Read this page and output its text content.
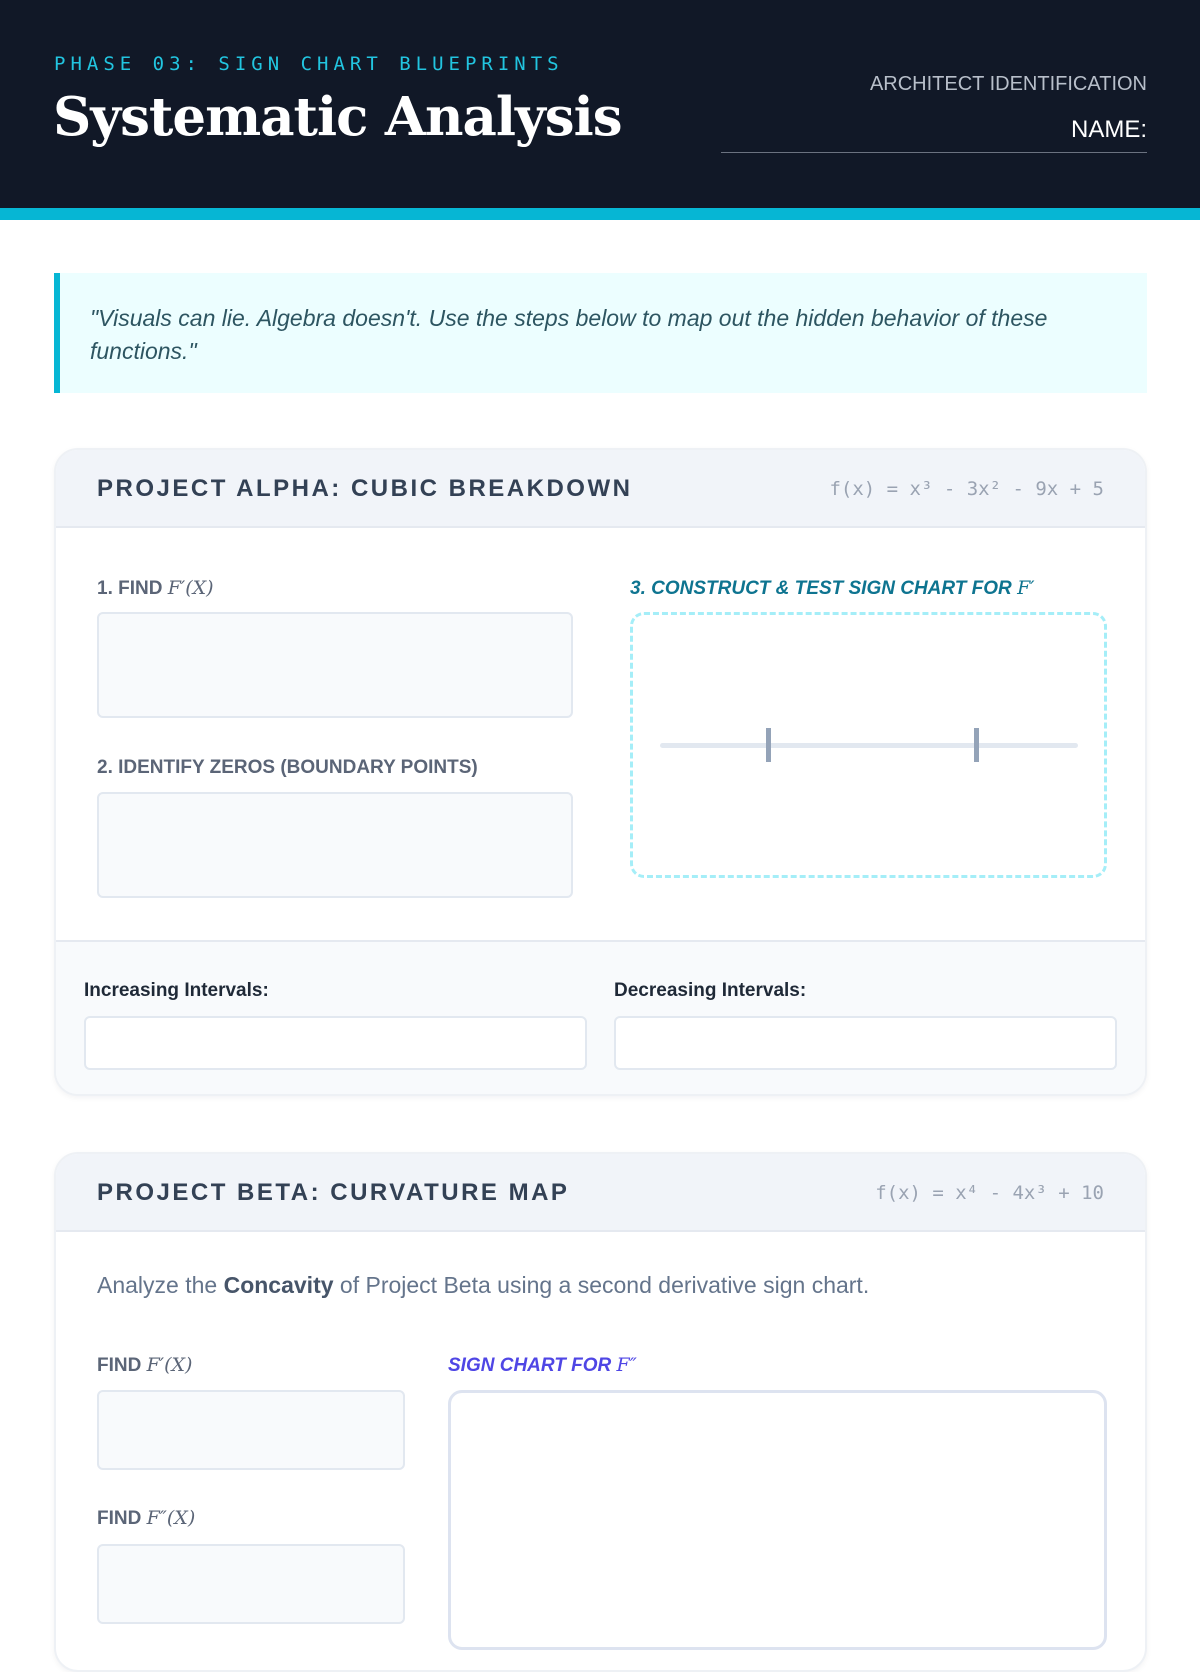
PHASE 03: SIGN CHART BLUEPRINTS
Systematic Analysis
ARCHITECT IDENTIFICATION
NAME:

"Visuals can lie. Algebra doesn't. Use the steps below to map out the hidden behavior of these functions."

PROJECT ALPHA: CUBIC BREAKDOWN	f(x) = x³ - 3x² - 9x + 5
1. FIND F′(X)
2. IDENTIFY ZEROS (BOUNDARY POINTS)
3. CONSTRUCT & TEST SIGN CHART FOR F′
Increasing Intervals:	Decreasing Intervals:
PROJECT BETA: CURVATURE MAP	f(x) = x⁴ - 4x³ + 10
Analyze the Concavity of Project Beta using a second derivative sign chart.
FIND F′(X)
FIND F″(X)
SIGN CHART FOR F″
